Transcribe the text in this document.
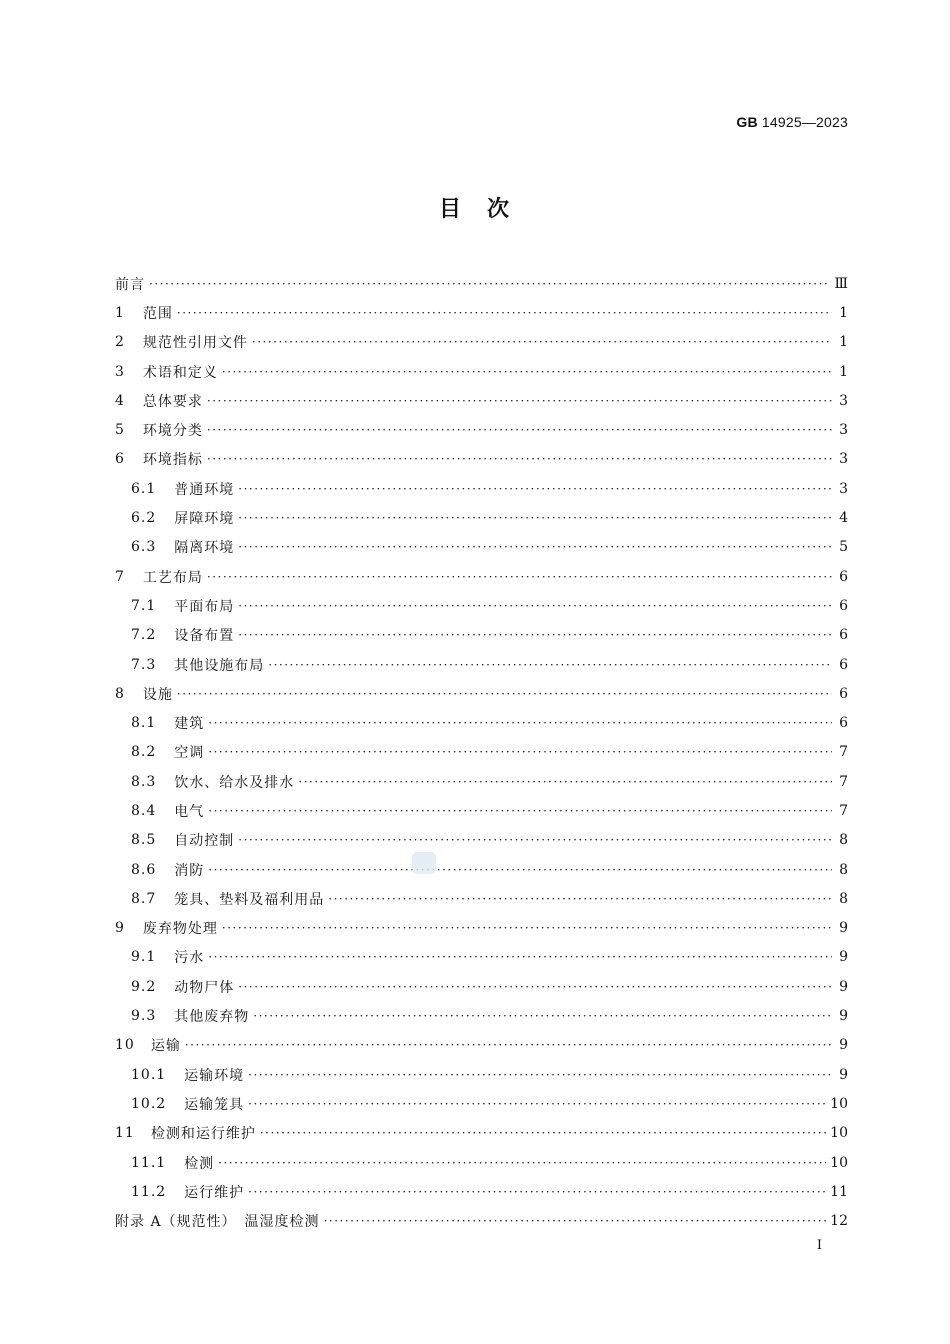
GB 14925—2023
目　次
前言 ·····	Ⅲ
1 范围 ·····	1
2 规范性引用文件 ·····	1
3 术语和定义 ·····	1
4 总体要求 ·····	3
5 环境分类 ·····	3
6 环境指标 ·····	3
6.1 普通环境 ·····	3
6.2 屏障环境 ·····	4
6.3 隔离环境 ·····	5
7 工艺布局 ·····	6
7.1 平面布局 ·····	6
7.2 设备布置 ·····	6
7.3 其他设施布局 ·····	6
8 设施 ·····	6
8.1 建筑 ·····	6
8.2 空调 ·····	7
8.3 饮水、给水及排水 ·····	7
8.4 电气 ·····	7
8.5 自动控制 ·····	8
8.6 消防 ·····	8
8.7 笼具、垫料及福利用品 ·····	8
9 废弃物处理 ·····	9
9.1 污水 ·····	9
9.2 动物尸体 ·····	9
9.3 其他废弃物 ·····	9
10 运输 ·····	9
10.1 运输环境 ·····	9
10.2 运输笼具 ·····	10
11 检测和运行维护 ·····	10
11.1 检测 ·····	10
11.2 运行维护 ·····	11
附录 A（规范性）　温湿度检测 ·····	12
Ⅰ
